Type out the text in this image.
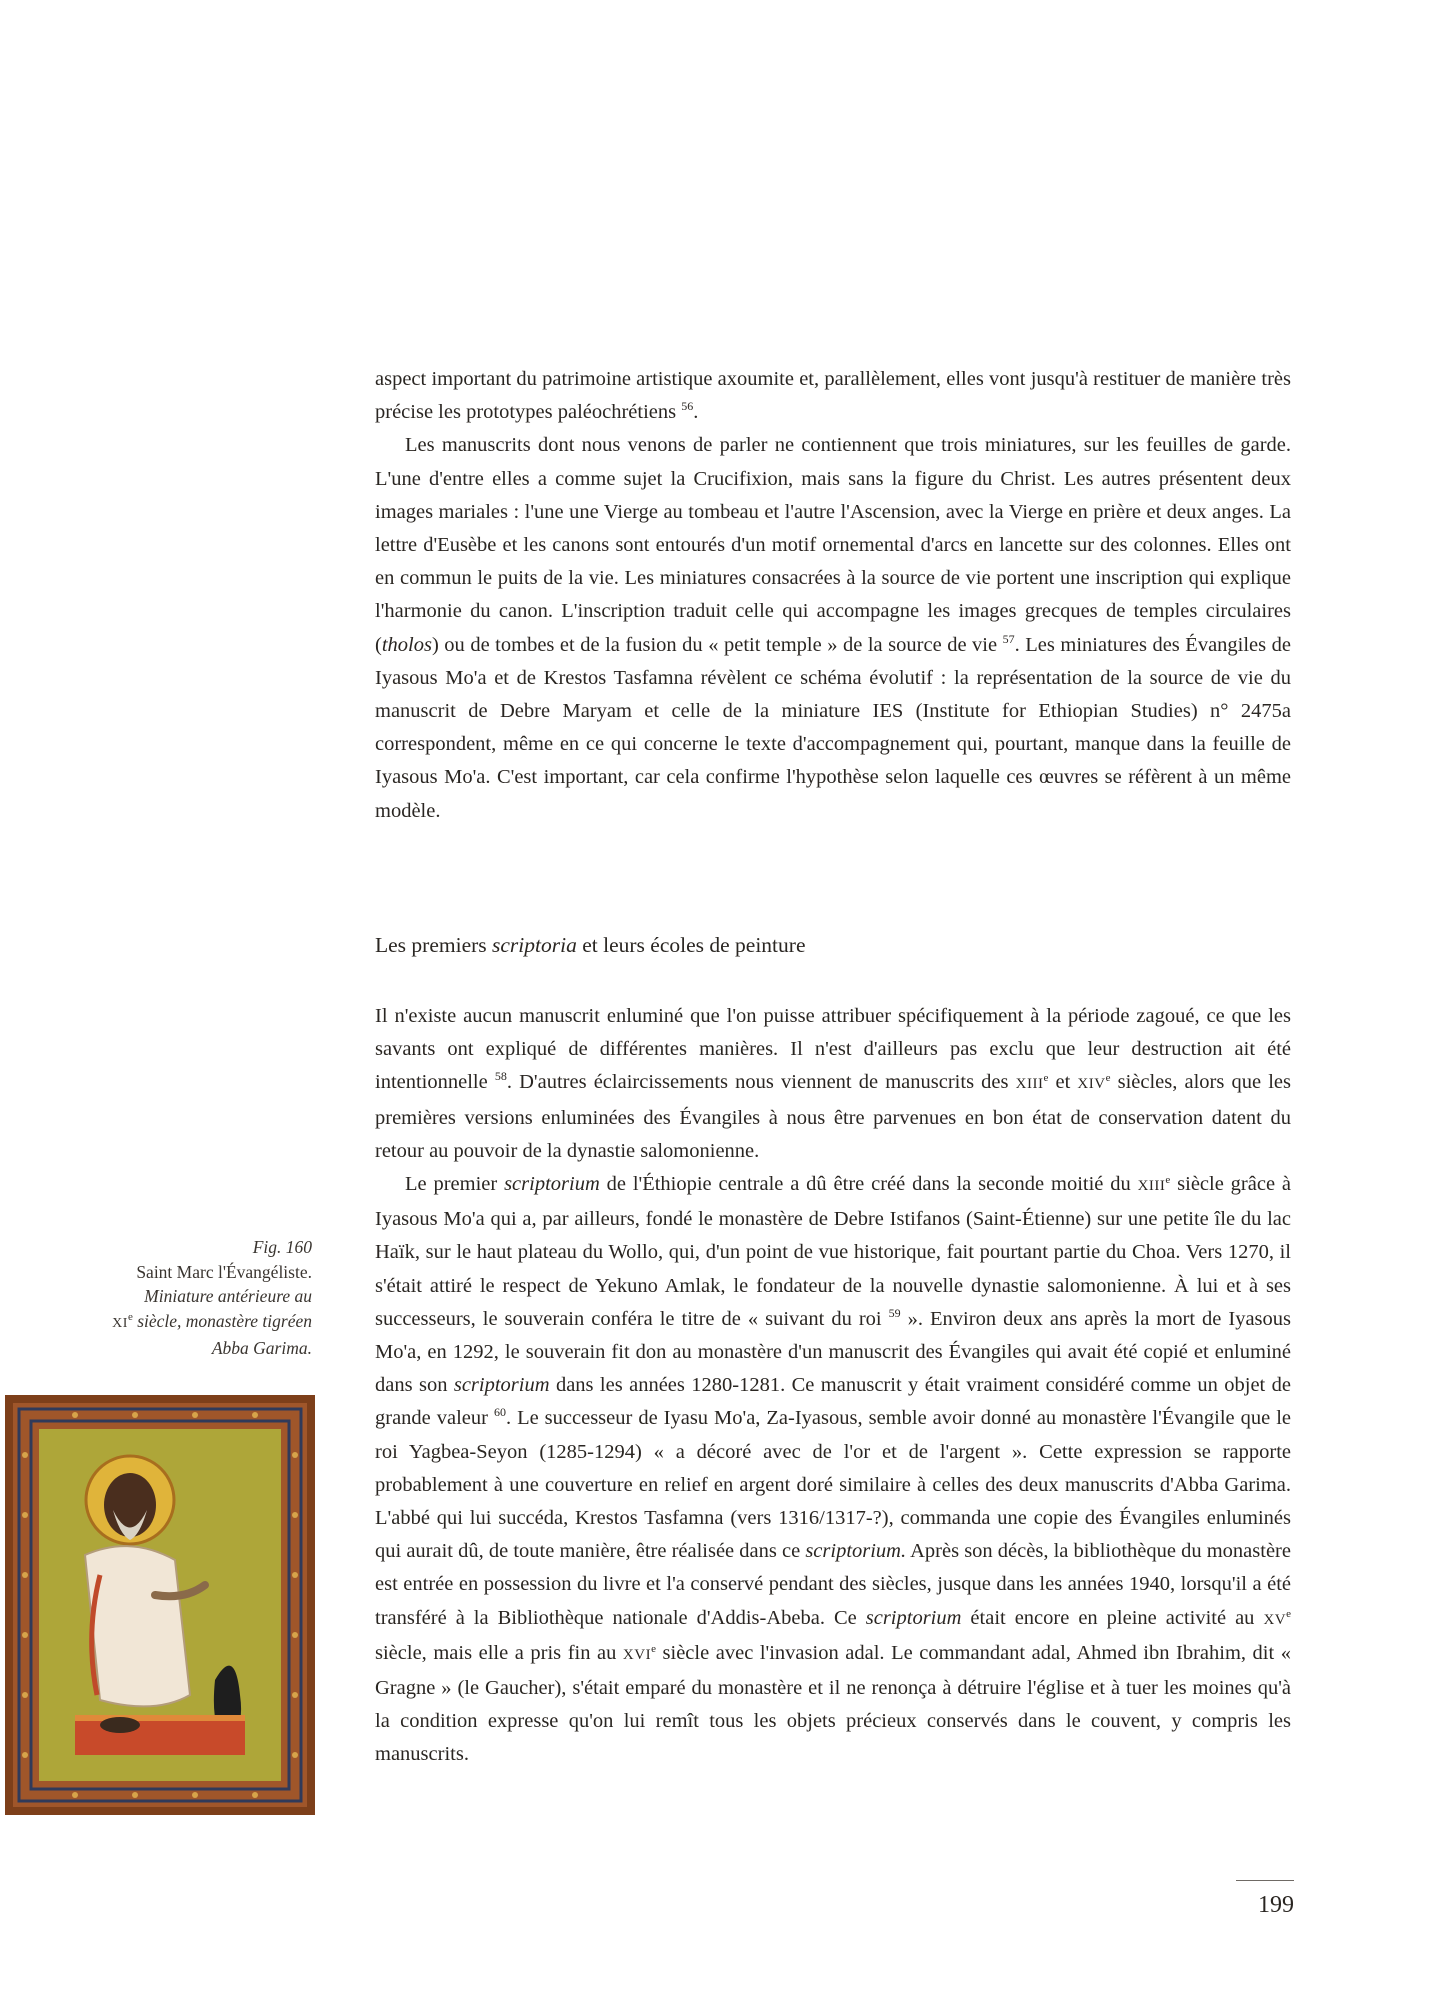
aspect important du patrimoine artistique axoumite et, parallèlement, elles vont jusqu'à restituer de manière très précise les prototypes paléochrétiens $^{56}$.

Les manuscrits dont nous venons de parler ne contiennent que trois miniatures, sur les feuilles de garde. L'une d'entre elles a comme sujet la Crucifixion, mais sans la figure du Christ. Les autres présentent deux images mariales : l'une une Vierge au tombeau et l'autre l'Ascension, avec la Vierge en prière et deux anges. La lettre d'Eusèbe et les canons sont entourés d'un motif ornemental d'arcs en lancette sur des colonnes. Elles ont en commun le puits de la vie. Les miniatures consacrées à la source de vie portent une inscription qui explique l'harmonie du canon. L'inscription traduit celle qui accompagne les images grecques de temples circulaires (tholos) ou de tombes et de la fusion du « petit temple » de la source de vie $^{57}$. Les miniatures des Évangiles de Iyasous Mo'a et de Krestos Tasfamna révèlent ce schéma évolutif : la représentation de la source de vie du manuscrit de Debre Maryam et celle de la miniature IES (Institute for Ethiopian Studies) n° 2475a correspondent, même en ce qui concerne le texte d'accompagnement qui, pourtant, manque dans la feuille de Iyasous Mo'a. C'est important, car cela confirme l'hypothèse selon laquelle ces œuvres se réfèrent à un même modèle.

Les premiers scriptoria et leurs écoles de peinture

Il n'existe aucun manuscrit enluminé que l'on puisse attribuer spécifiquement à la période zagoué, ce que les savants ont expliqué de différentes manières. Il n'est d'ailleurs pas exclu que leur destruction ait été intentionnelle $^{58}$. D'autres éclaircissements nous viennent de manuscrits des XIIIe et XIVe siècles, alors que les premières versions enluminées des Évangiles à nous être parvenues en bon état de conservation datent du retour au pouvoir de la dynastie salomonienne.

Le premier scriptorium de l'Éthiopie centrale a dû être créé dans la seconde moitié du XIIIe siècle grâce à Iyasous Mo'a qui a, par ailleurs, fondé le monastère de Debre Istifanos (Saint-Étienne) sur une petite île du lac Haïk, sur le haut plateau du Wollo, qui, d'un point de vue historique, fait pourtant partie du Choa. Vers 1270, il s'était attiré le respect de Yekuno Amlak, le fondateur de la nouvelle dynastie salomonienne. À lui et à ses successeurs, le souverain conféra le titre de « suivant du roi $^{59}$ ». Environ deux ans après la mort de Iyasous Mo'a, en 1292, le souverain fit don au monastère d'un manuscrit des Évangiles qui avait été copié et enluminé dans son scriptorium dans les années 1280-1281. Ce manuscrit y était vraiment considéré comme un objet de grande valeur $^{60}$. Le successeur de Iyasu Mo'a, Za-Iyasous, semble avoir donné au monastère l'Évangile que le roi Yagbea-Seyon (1285-1294) « a décoré avec de l'or et de l'argent ». Cette expression se rapporte probablement à une couverture en relief en argent doré similaire à celles des deux manuscrits d'Abba Garima. L'abbé qui lui succéda, Krestos Tasfamna (vers 1316/1317-?), commanda une copie des Évangiles enluminés qui aurait dû, de toute manière, être réalisée dans ce scriptorium. Après son décès, la bibliothèque du monastère est entrée en possession du livre et l'a conservé pendant des siècles, jusque dans les années 1940, lorsqu'il a été transféré à la Bibliothèque nationale d'Addis-Abeba. Ce scriptorium était encore en pleine activité au XVe siècle, mais elle a pris fin au XVIe siècle avec l'invasion adal. Le commandant adal, Ahmed ibn Ibrahim, dit « Gragne » (le Gaucher), s'était emparé du monastère et il ne renonça à détruire l'église et à tuer les moines qu'à la condition expresse qu'on lui remît tous les objets précieux conservés dans le couvent, y compris les manuscrits.

Fig. 160
Saint Marc l'Évangéliste.
Miniature antérieure au
XIe siècle, monastère tigréen
Abba Garima.
199
